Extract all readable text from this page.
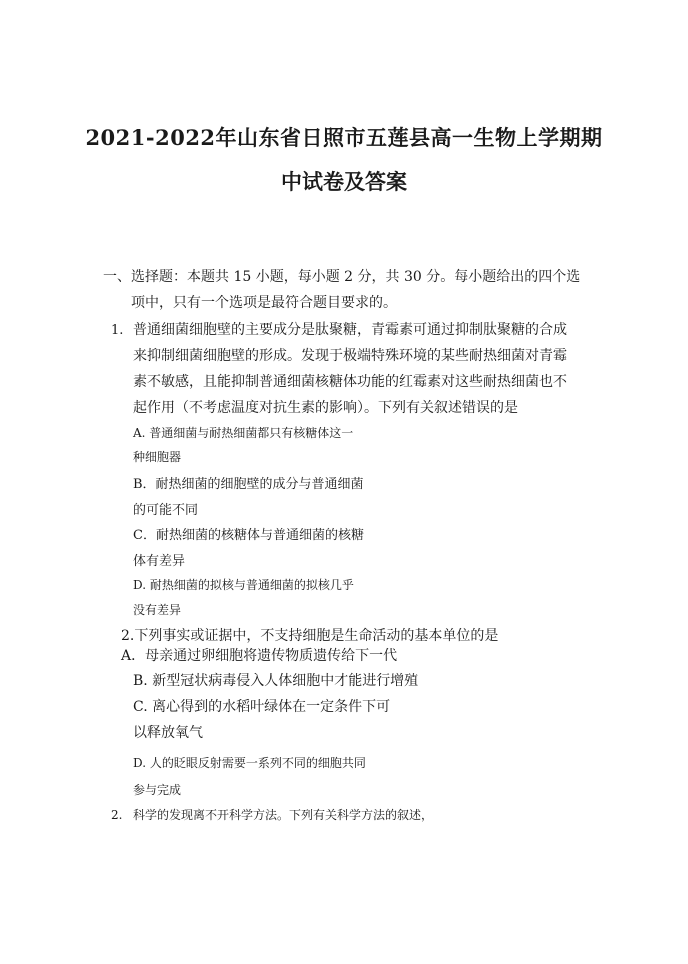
2021-2022年山东省日照市五莲县高一生物上学期期
中试卷及答案
一、选择题：本题共 15 小题，每小题 2 分，共 30 分。每小题给出的四个选
项中，只有一个选项是最符合题目要求的。
1. 普通细菌细胞壁的主要成分是肽聚糖，青霉素可通过抑制肽聚糖的合成
来抑制细菌细胞壁的形成。发现于极端特殊环境的某些耐热细菌对青霉
素不敏感，且能抑制普通细菌核糖体功能的红霉素对这些耐热细菌也不
起作用（不考虑温度对抗生素的影响）。下列有关叙述错误的是
A. 普通细菌与耐热细菌都只有核糖体这一
种细胞器
B．耐热细菌的细胞壁的成分与普通细菌
的可能不同
C．耐热细菌的核糖体与普通细菌的核糖
体有差异
D. 耐热细菌的拟核与普通细菌的拟核几乎
没有差异
2.下列事实或证据中，不支持细胞是生命活动的基本单位的是
A．母亲通过卵细胞将遗传物质遗传给下一代
B. 新型冠状病毒侵入人体细胞中才能进行增殖
C. 离心得到的水稻叶绿体在一定条件下可
以释放氧气
D. 人的眨眼反射需要一系列不同的细胞共同
参与完成
2. 科学的发现离不开科学方法。下列有关科学方法的叙述，
